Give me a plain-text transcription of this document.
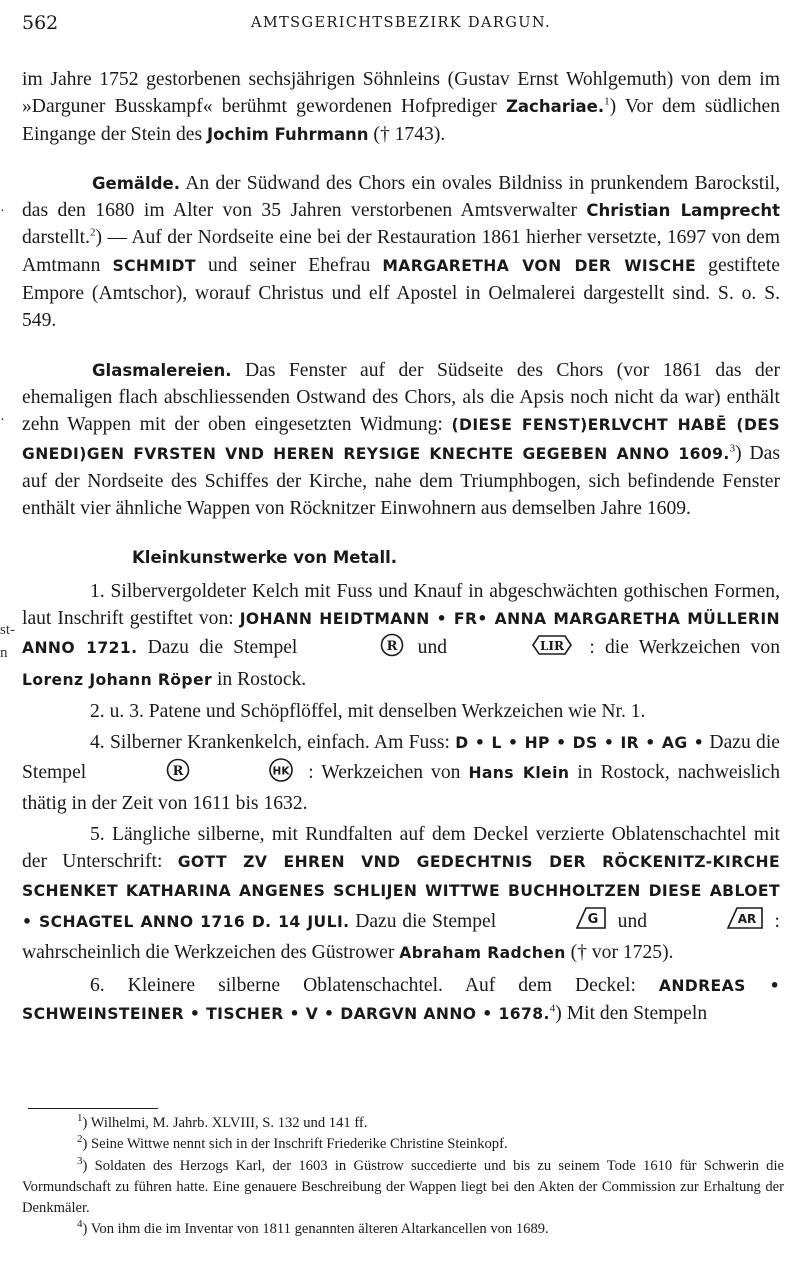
562	AMTSGERICHTSBEZIRK DARGUN.
·
·
st-
n

im Jahre 1752 gestorbenen sechsjährigen Söhnleins (Gustav Ernst Wohlgemuth) von dem im »Darguner Busskampf« berühmt gewordenen Hofprediger Zachariae.$^1$) Vor dem südlichen Eingange der Stein des Jochim Fuhrmann († 1743).

Gemälde. An der Südwand des Chors ein ovales Bildniss in prunkendem Barockstil, das den 1680 im Alter von 35 Jahren verstorbenen Amtsverwalter Christian Lamprecht darstellt.$^2$) — Auf der Nordseite eine bei der Restauration 1861 hierher versetzte, 1697 von dem Amtmann SCHMIDT und seiner Ehefrau MARGARETHA VON DER WISCHE gestiftete Empore (Amtschor), worauf Christus und elf Apostel in Oelmalerei dargestellt sind. S. o. S. 549.

Glasmalereien. Das Fenster auf der Südseite des Chors (vor 1861 das der ehemaligen flach abschliessenden Ostwand des Chors, als die Apsis noch nicht da war) enthält zehn Wappen mit der oben eingesetzten Widmung: (DIESE FENST)ERLVCHT HABĒ (DES GNEDI)GEN FVRSTEN VND HEREN REYSIGE KNECHTE GEGEBEN ANNO 1609.$^3$) Das auf der Nordseite des Schiffes der Kirche, nahe dem Triumphbogen, sich befindende Fenster enthält vier ähnliche Wappen von Röcknitzer Einwohnern aus demselben Jahre 1609.

Kleinkunstwerke von Metall.

1. Silbervergoldeter Kelch mit Fuss und Knauf in abgeschwächten gothischen Formen, laut Inschrift gestiftet von: JOHANN HEIDTMANN • FR• ANNA MARGARETHA MÜLLERIN ANNO 1721. Dazu die Stempel	R und	LIR : die Werkzeichen von Lorenz Johann Röper in Rostock.

2. u. 3. Patene und Schöpflöffel, mit denselben Werkzeichen wie Nr. 1.

4. Silberner Krankenkelch, einfach. Am Fuss: D • L • HP • DS • IR • AG • Dazu die Stempel	R	HK : Werkzeichen von Hans Klein in Rostock, nachweislich thätig in der Zeit von 1611 bis 1632.

5. Längliche silberne, mit Rundfalten auf dem Deckel verzierte Oblatenschachtel mit der Unterschrift: GOTT ZV EHREN VND GEDECHTNIS DER RÖCKENITZ-KIRCHE SCHENKET KATHARINA ANGENES SCHLIJEN WITTWE BUCHHOLTZEN DIESE ABLOET • SCHAGTEL ANNO 1716 D. 14 JULI. Dazu die Stempel	G und	AR : wahrscheinlich die Werkzeichen des Güstrower Abraham Radchen († vor 1725).

6. Kleinere silberne Oblatenschachtel. Auf dem Deckel: ANDREAS • SCHWEINSTEINER • TISCHER • V • DARGVN ANNO • 1678.$^4$) Mit den Stempeln

$^1$) Wilhelmi, M. Jahrb. XLVIII, S. 132 und 141 ff.

$^2$) Seine Wittwe nennt sich in der Inschrift Friederike Christine Steinkopf.

$^3$) Soldaten des Herzogs Karl, der 1603 in Güstrow succedierte und bis zu seinem Tode 1610 für Schwerin die Vormundschaft zu führen hatte. Eine genauere Beschreibung der Wappen liegt bei den Akten der Commission zur Erhaltung der Denkmäler.

$^4$) Von ihm die im Inventar von 1811 genannten älteren Altarkancellen von 1689.
